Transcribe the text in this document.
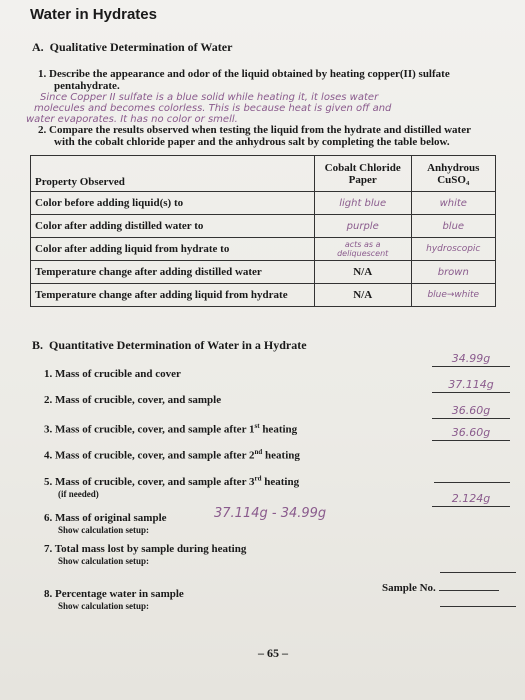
Water in Hydrates
A.  Qualitative Determination of Water
1. Describe the appearance and odor of the liquid obtained by heating copper(II) sulfate
pentahydrate.
Since Copper II sulfate is a blue solid while heating it, it loses water
molecules and becomes colorless. This is because heat is given off and
water evaporates. It has no color or smell.
2. Compare the results observed when testing the liquid from the hydrate and distilled water
with the cobalt chloride paper and the anhydrous salt by completing the table below.
Property Observed	Cobalt Chloride Paper	Anhydrous CuSO₄
Color before adding liquid(s) to	light blue	white
Color after adding distilled water to	purple	blue
Color after adding liquid from hydrate to	acts as a deliquescent	hydroscopic
Temperature change after adding distilled water	N/A	brown
Temperature change after adding liquid from hydrate	N/A	blue→white
B.  Quantitative Determination of Water in a Hydrate
1. Mass of crucible and cover
34.99g
2. Mass of crucible, cover, and sample
37.114g
3. Mass of crucible, cover, and sample after 1st heating
36.60g
4. Mass of crucible, cover, and sample after 2nd heating
36.60g
5. Mass of crucible, cover, and sample after 3rd heating
(if needed)
6. Mass of original sample
Show calculation setup:
37.114g - 34.99g
2.124g
7. Total mass lost by sample during heating
Show calculation setup:
Sample No.
8. Percentage water in sample
Show calculation setup:
– 65 –
